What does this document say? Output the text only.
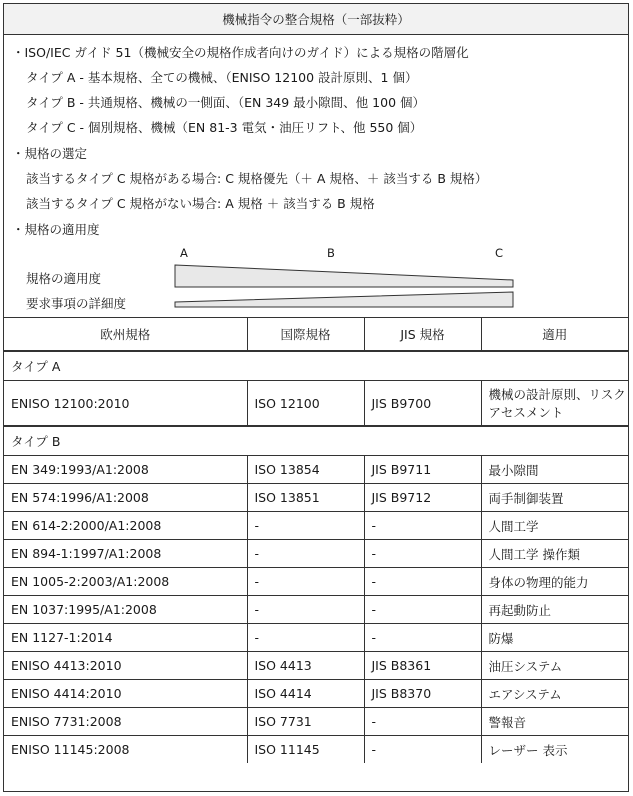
機械指令の整合規格（一部抜粋）
・ISO/IEC ガイド 51（機械安全の規格作成者向けのガイド）による規格の階層化
タイプ A - 基本規格、全ての機械、（ENISO 12100 設計原則、1 個）
タイプ B - 共通規格、機械の一側面、（EN 349 最小隙間、他 100 個）
タイプ C - 個別規格、機械（EN 81-3 電気・油圧リフト、他 550 個）
・規格の選定
該当するタイプ C 規格がある場合: C 規格優先（＋ A 規格、＋ 該当する B 規格）
該当するタイプ C 規格がない場合: A 規格 ＋ 該当する B 規格
・規格の適用度
A	B	C
規格の適用度
要求事項の詳細度
欧州規格	国際規格	JIS 規格	適用
タイプ A			
ENISO 12100:2010	ISO 12100	JIS B9700	機械の設計原則、リスクアセスメント
タイプ B			
EN 349:1993/A1:2008	ISO 13854	JIS B9711	最小隙間
EN 574:1996/A1:2008	ISO 13851	JIS B9712	両手制御装置
EN 614-2:2000/A1:2008	-	-	人間工学
EN 894-1:1997/A1:2008	-	-	人間工学 操作類
EN 1005-2:2003/A1:2008	-	-	身体の物理的能力
EN 1037:1995/A1:2008	-	-	再起動防止
EN 1127-1:2014	-	-	防爆
ENISO 4413:2010	ISO 4413	JIS B8361	油圧システム
ENISO 4414:2010	ISO 4414	JIS B8370	エアシステム
ENISO 7731:2008	ISO 7731	-	警報音
ENISO 11145:2008	ISO 11145	-	レーザー 表示
